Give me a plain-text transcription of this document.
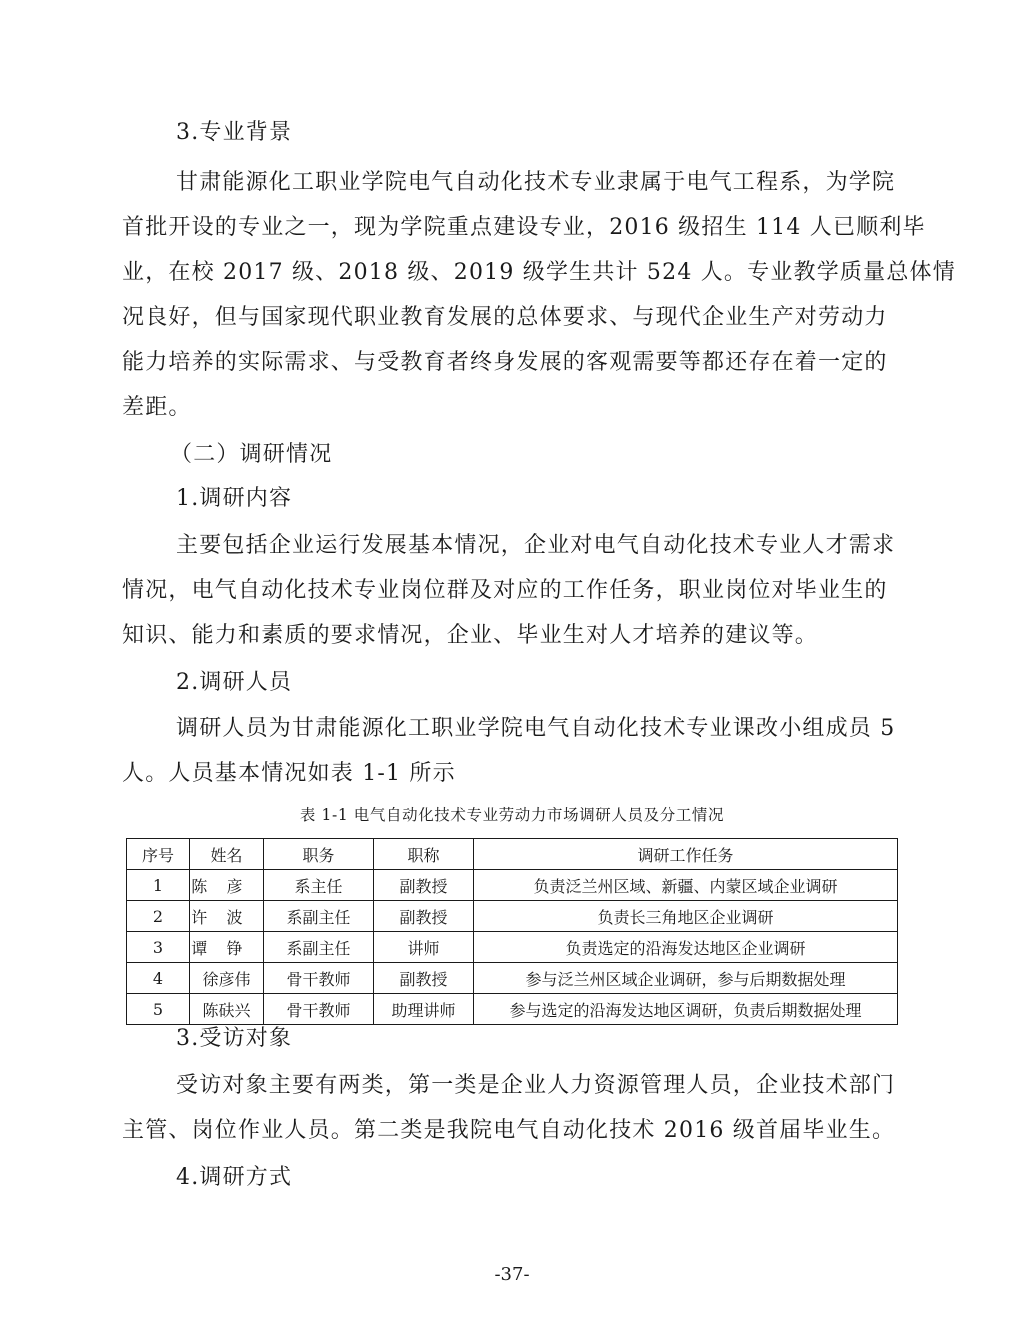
3.专业背景
甘肃能源化工职业学院电气自动化技术专业隶属于电气工程系，为学院
首批开设的专业之一，现为学院重点建设专业，2016 级招生 114 人已顺利毕
业，在校 2017 级、2018 级、2019 级学生共计 524 人。专业教学质量总体情
况良好，但与国家现代职业教育发展的总体要求、与现代企业生产对劳动力
能力培养的实际需求、与受教育者终身发展的客观需要等都还存在着一定的
差距。
（二）调研情况
1.调研内容
主要包括企业运行发展基本情况，企业对电气自动化技术专业人才需求
情况，电气自动化技术专业岗位群及对应的工作任务，职业岗位对毕业生的
知识、能力和素质的要求情况，企业、毕业生对人才培养的建议等。
2.调研人员
调研人员为甘肃能源化工职业学院电气自动化技术专业课改小组成员 5
人。人员基本情况如表 1-1 所示
表 1-1 电气自动化技术专业劳动力市场调研人员及分工情况
序号	姓名	职务	职称	调研工作任务
1	陈彦	系主任	副教授	负责泛兰州区域、新疆、内蒙区域企业调研
2	许波	系副主任	副教授	负责长三角地区企业调研
3	谭铮	系副主任	讲师	负责选定的沿海发达地区企业调研
4	徐彦伟	骨干教师	副教授	参与泛兰州区域企业调研，参与后期数据处理
5	陈砆兴	骨干教师	助理讲师	参与选定的沿海发达地区调研，负责后期数据处理
3.受访对象
受访对象主要有两类，第一类是企业人力资源管理人员，企业技术部门
主管、岗位作业人员。第二类是我院电气自动化技术 2016 级首届毕业生。
4.调研方式
-37-
